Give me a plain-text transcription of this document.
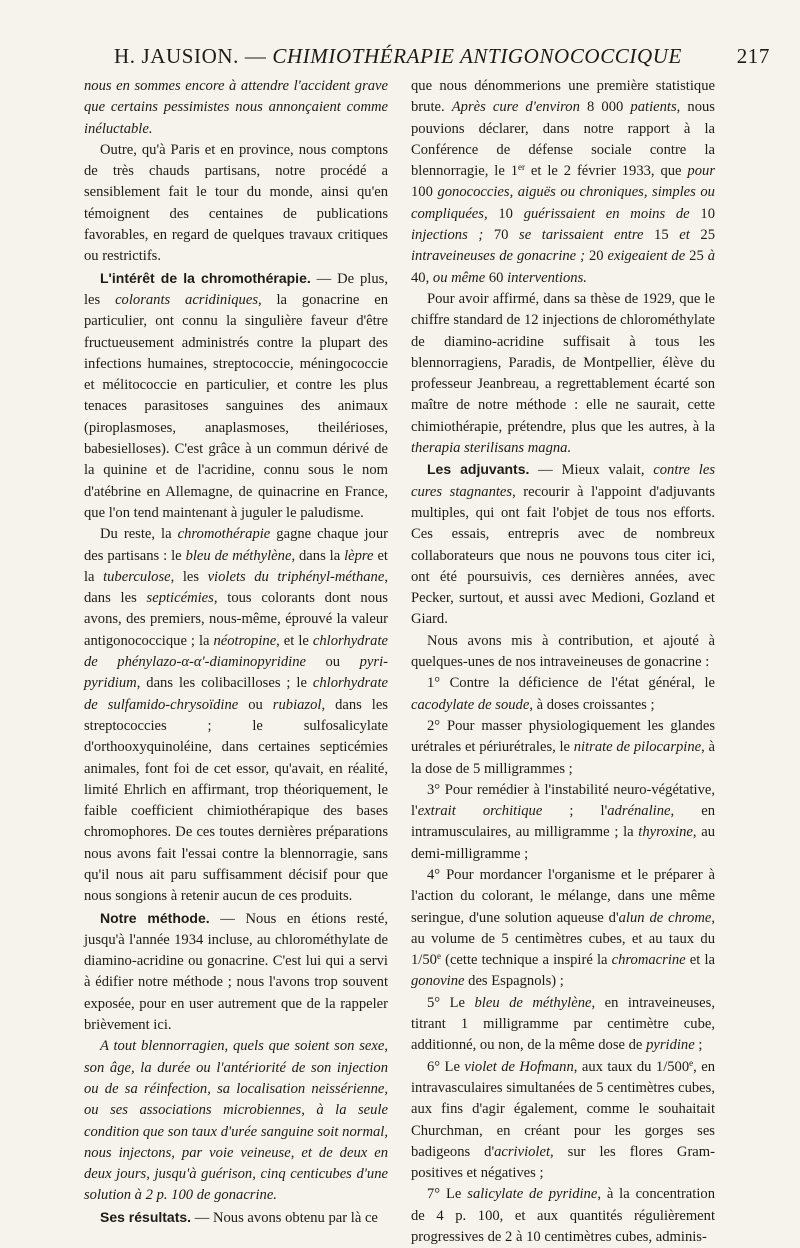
H. JAUSION. — CHIMIOTHÉRAPIE ANTIGONOCOCCIQUE	217

nous en sommes encore à attendre l'accident grave que certains pessimistes nous annonçaient comme inéluctable.

Outre, qu'à Paris et en province, nous comptons de très chauds partisans, notre procédé a sensiblement fait le tour du monde, ainsi qu'en témoignent des centaines de publications favorables, en regard de quelques travaux critiques ou restrictifs.

L'intérêt de la chromothérapie. — De plus, les colorants acridiniques, la gonacrine en particulier, ont connu la singulière faveur d'être fructueusement administrés contre la plupart des infections humaines, streptococcie, méningococcie et mélitococcie en particulier, et contre les plus tenaces parasitoses sanguines des animaux (piroplasmoses, anaplasmoses, theilérioses, babesielloses). C'est grâce à un commun dérivé de la quinine et de l'acridine, connu sous le nom d'atébrine en Allemagne, de quinacrine en France, que l'on tend maintenant à juguler le paludisme.

Du reste, la chromothérapie gagne chaque jour des partisans : le bleu de méthylène, dans la lèpre et la tuberculose, les violets du triphényl-méthane, dans les septicémies, tous colorants dont nous avons, des premiers, nous-même, éprouvé la valeur antigonococcique ; la néotropine, et le chlorhydrate de phénylazo-α-α'-diaminopyridine ou pyri-pyridium, dans les colibacilloses ; le chlorhydrate de sulfamido-chrysoïdine ou rubiazol, dans les streptococcies ; le sulfosalicylate d'orthooxyquinoléine, dans certaines septicémies animales, font foi de cet essor, qu'avait, en réalité, limité Ehrlich en affirmant, trop théoriquement, le faible coefficient chimiothérapique des bases chromophores. De ces toutes dernières préparations nous avons fait l'essai contre la blennorragie, sans qu'il nous ait paru suffisamment décisif pour que nous songions à retenir aucun de ces produits.

Notre méthode. — Nous en étions resté, jusqu'à l'année 1934 incluse, au chlorométhylate de diamino-acridine ou gonacrine. C'est lui qui a servi à édifier notre méthode ; nous l'avons trop souvent exposée, pour en user autrement que de la rappeler brièvement ici.

A tout blennorragien, quels que soient son sexe, son âge, la durée ou l'antériorité de son injection ou de sa réinfection, sa localisation neissérienne, ou ses associations microbiennes, à la seule condition que son taux d'urée sanguine soit normal, nous injectons, par voie veineuse, et de deux en deux jours, jusqu'à guérison, cinq centicubes d'une solution à 2 p. 100 de gonacrine.

Ses résultats. — Nous avons obtenu par là ce

que nous dénommerions une première statistique brute. Après cure d'environ 8 000 patients, nous pouvions déclarer, dans notre rapport à la Conférence de défense sociale contre la blennorragie, le 1er et le 2 février 1933, que pour 100 gonococcies, aiguës ou chroniques, simples ou compliquées, 10 guérissaient en moins de 10 injections ; 70 se tarissaient entre 15 et 25 intraveineuses de gonacrine ; 20 exigeaient de 25 à 40, ou même 60 interventions.

Pour avoir affirmé, dans sa thèse de 1929, que le chiffre standard de 12 injections de chlorométhylate de diamino-acridine suffisait à tous les blennorragiens, Paradis, de Montpellier, élève du professeur Jeanbreau, a regrettablement écarté son maître de notre méthode : elle ne saurait, cette chimiothérapie, prétendre, plus que les autres, à la therapia sterilisans magna.

Les adjuvants. — Mieux valait, contre les cures stagnantes, recourir à l'appoint d'adjuvants multiples, qui ont fait l'objet de tous nos efforts. Ces essais, entrepris avec de nombreux collaborateurs que nous ne pouvons tous citer ici, ont été poursuivis, ces dernières années, avec Pecker, surtout, et aussi avec Medioni, Gozland et Giard.

Nous avons mis à contribution, et ajouté à quelques-unes de nos intraveineuses de gonacrine :

1° Contre la déficience de l'état général, le cacodylate de soude, à doses croissantes ;

2° Pour masser physiologiquement les glandes urétrales et périurétrales, le nitrate de pilocarpine, à la dose de 5 milligrammes ;

3° Pour remédier à l'instabilité neuro-végétative, l'extrait orchitique ; l'adrénaline, en intramusculaires, au milligramme ; la thyroxine, au demi-milligramme ;

4° Pour mordancer l'organisme et le préparer à l'action du colorant, le mélange, dans une même seringue, d'une solution aqueuse d'alun de chrome, au volume de 5 centimètres cubes, et au taux du 1/50e (cette technique a inspiré la chromacrine et la gonovine des Espagnols) ;

5° Le bleu de méthylène, en intraveineuses, titrant 1 milligramme par centimètre cube, additionné, ou non, de la même dose de pyridine ;

6° Le violet de Hofmann, aux taux du 1/500e, en intravasculaires simultanées de 5 centimètres cubes, aux fins d'agir également, comme le souhaitait Churchman, en créant pour les gorges ses badigeons d'acriviolet, sur les flores Gram-positives et négatives ;

7° Le salicylate de pyridine, à la concentration de 4 p. 100, et aux quantités régulièrement progressives de 2 à 10 centimètres cubes, adminis-
